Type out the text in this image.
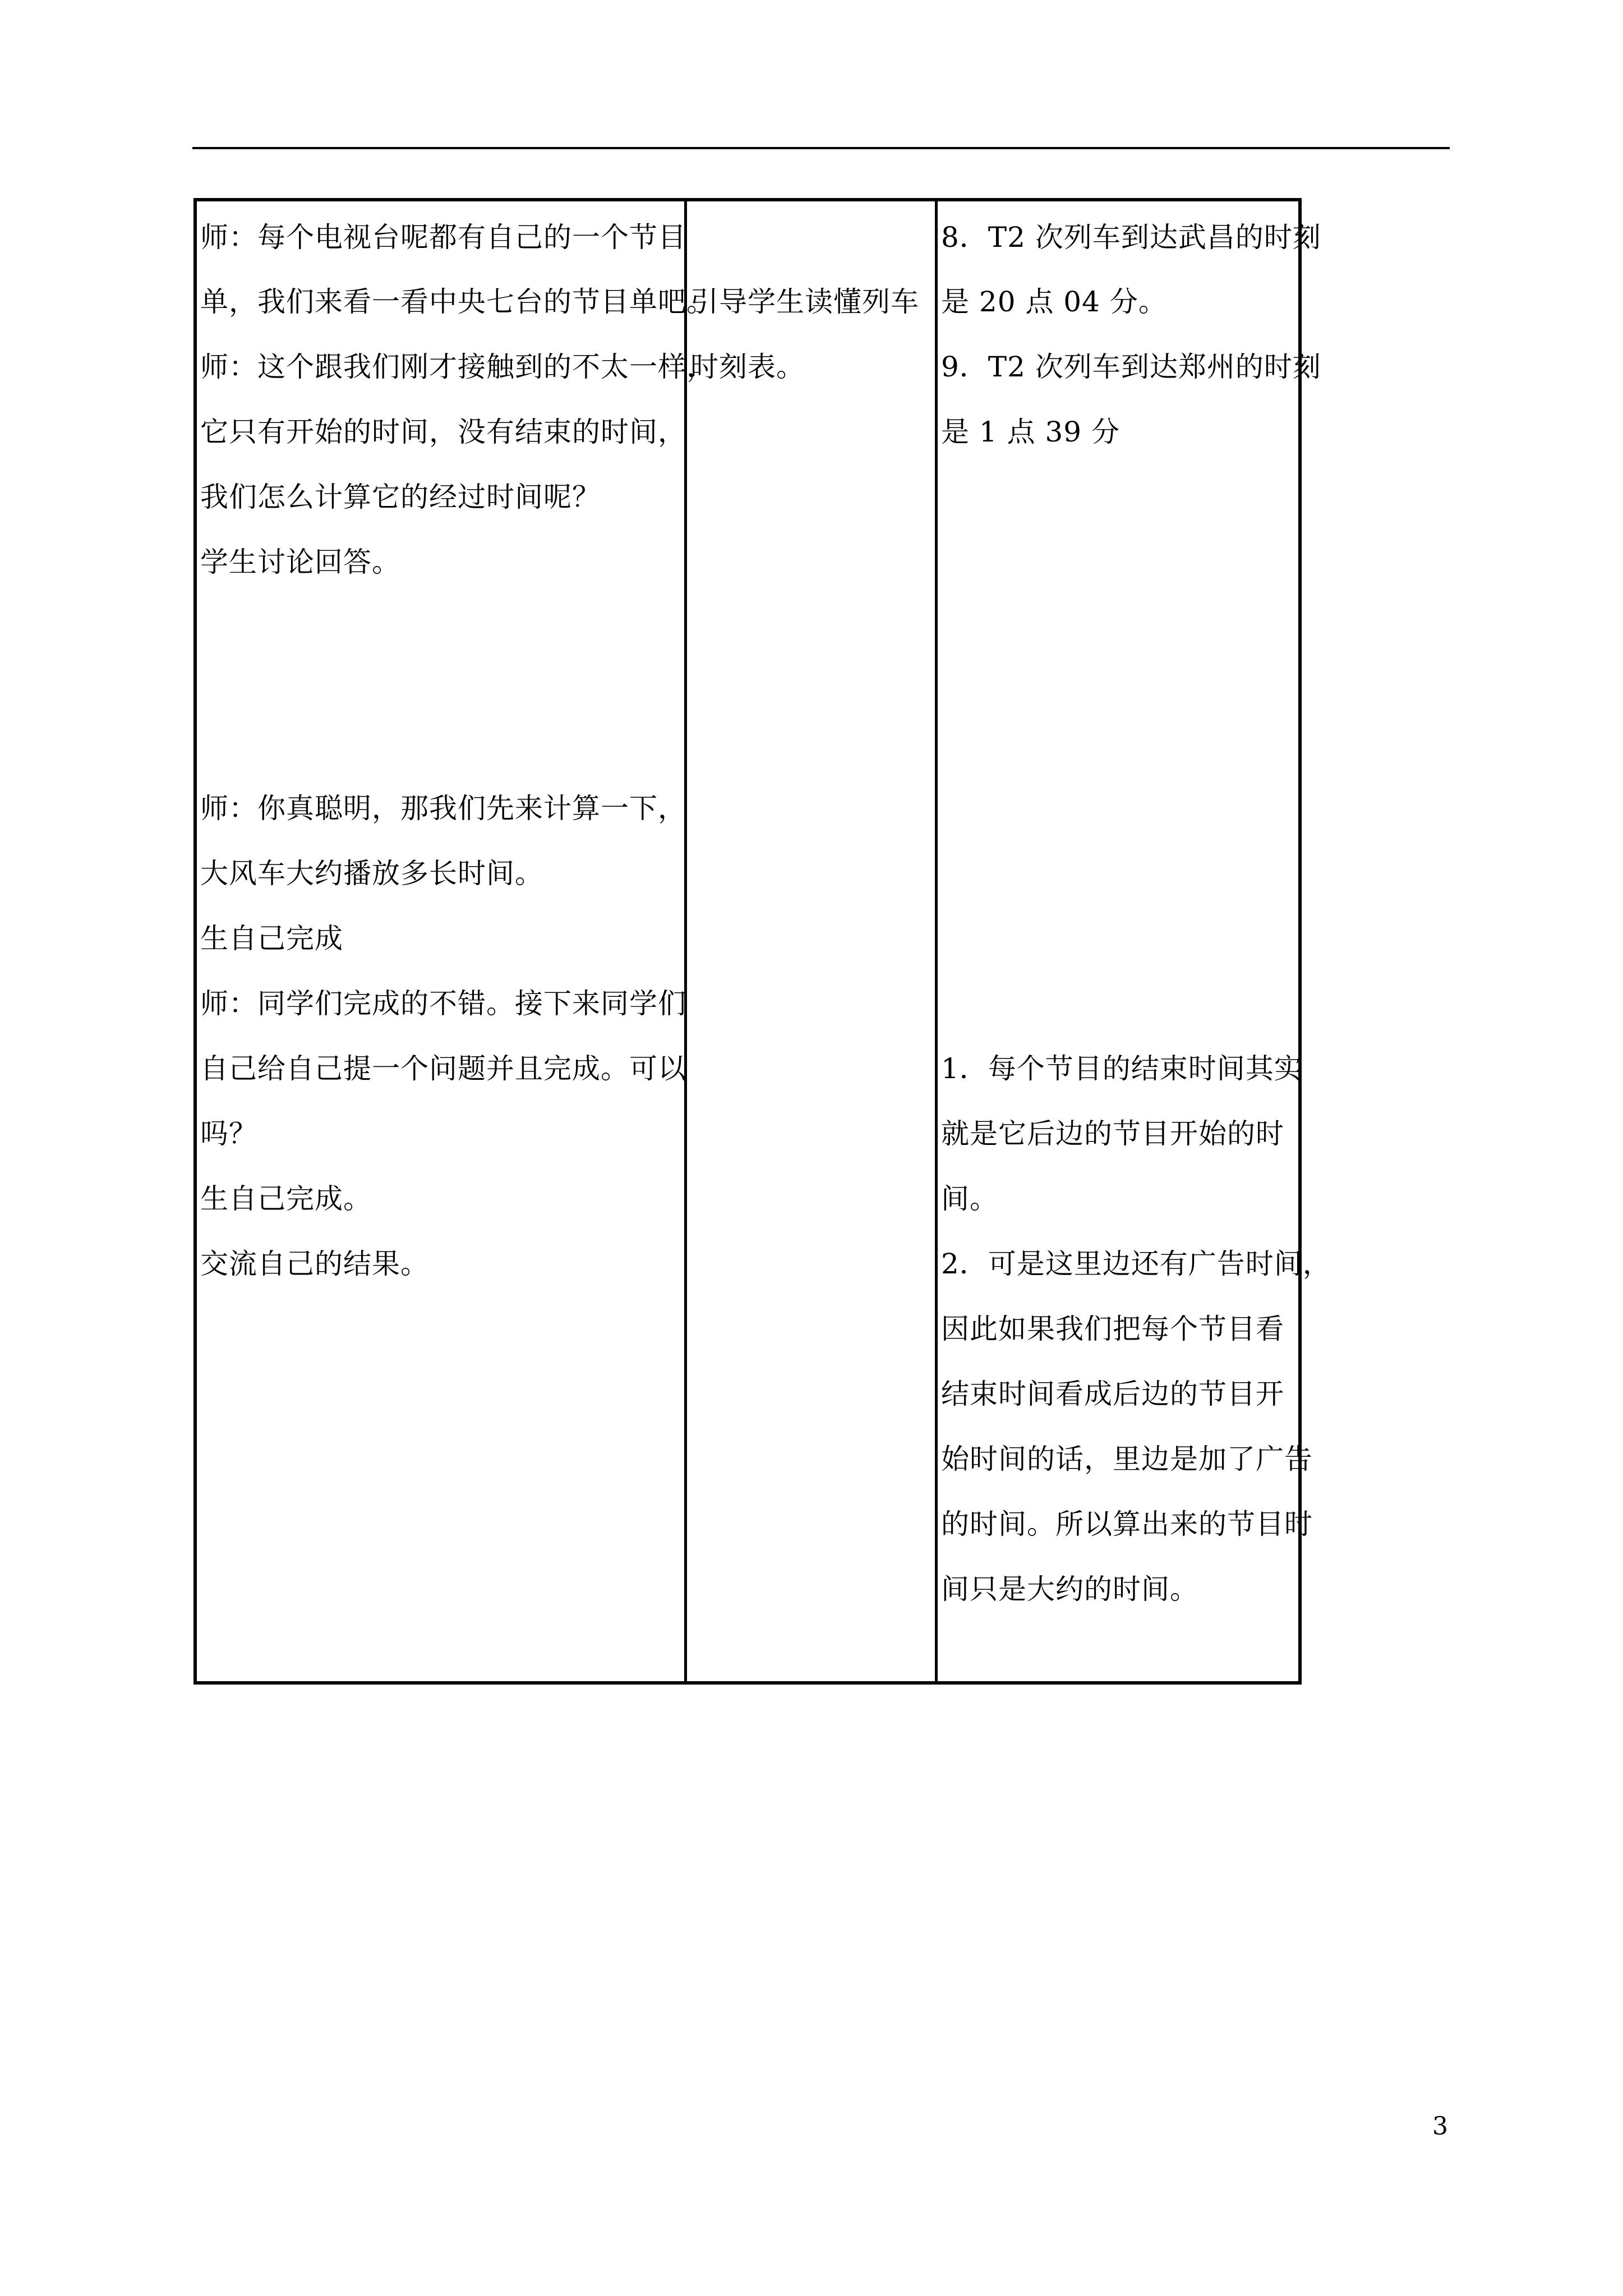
师：每个电视台呢都有自己的一个节目
单，我们来看一看中央七台的节目单吧。
师：这个跟我们刚才接触到的不太一样，
它只有开始的时间，没有结束的时间，
我们怎么计算它的经过时间呢？
学生讨论回答。
师：你真聪明，那我们先来计算一下，
大风车大约播放多长时间。
生自己完成
师：同学们完成的不错。接下来同学们
自己给自己提一个问题并且完成。可以
吗？
生自己完成。
交流自己的结果。
引导学生读懂列车
时刻表。
8．T2 次列车到达武昌的时刻
是 20 点 04 分。
9．T2 次列车到达郑州的时刻
是 1 点 39 分
1．每个节目的结束时间其实
就是它后边的节目开始的时
间。
2．可是这里边还有广告时间，
因此如果我们把每个节目看
结束时间看成后边的节目开
始时间的话，里边是加了广告
的时间。所以算出来的节目时
间只是大约的时间。
3
